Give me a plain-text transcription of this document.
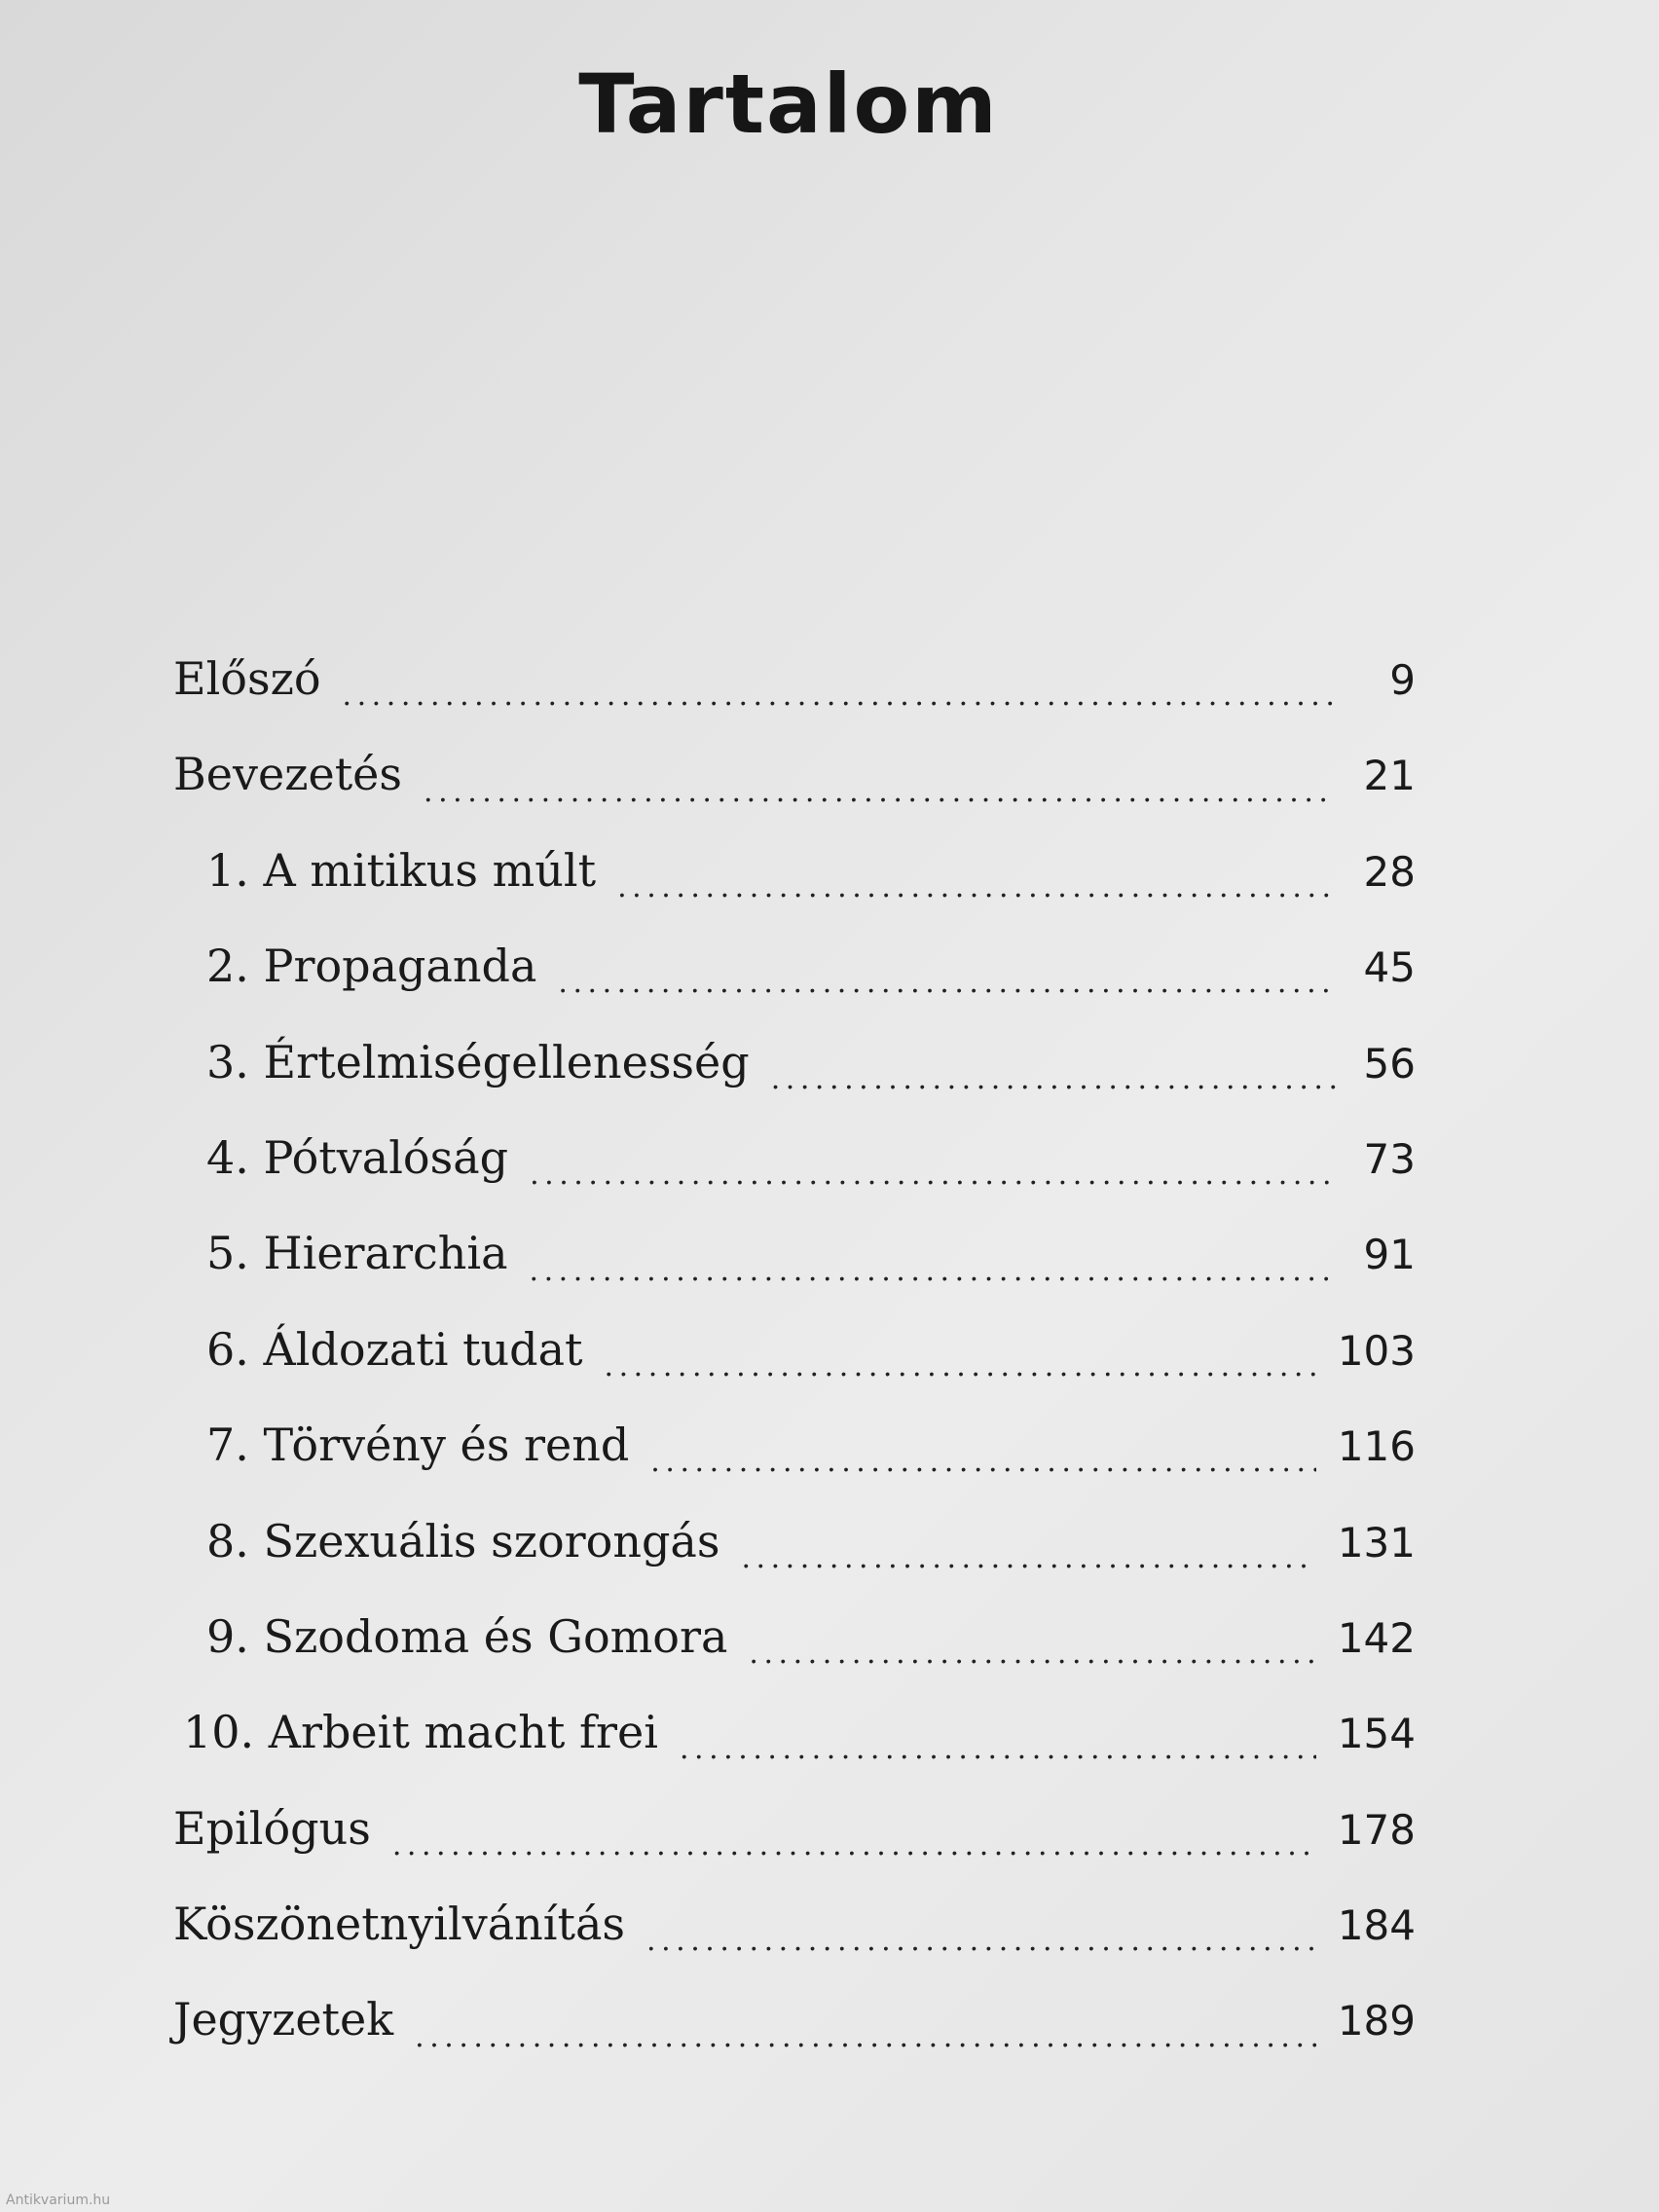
Tartalom
Előszó . . .	9
Bevezetés . . .	21
1. A mitikus múlt . . .	28
2. Propaganda . . .	45
3. Értelmiségellenesség . . .	56
4. Pótvalóság . . .	73
5. Hierarchia . . .	91
6. Áldozati tudat . . .	103
7. Törvény és rend . . .	116
8. Szexuális szorongás . . .	131
9. Szodoma és Gomora . . .	142
10. Arbeit macht frei . . .	154
Epilógus . . .	178
Köszönetnyilvánítás . . .	184
Jegyzetek . . .	189
Antikvarium.hu
